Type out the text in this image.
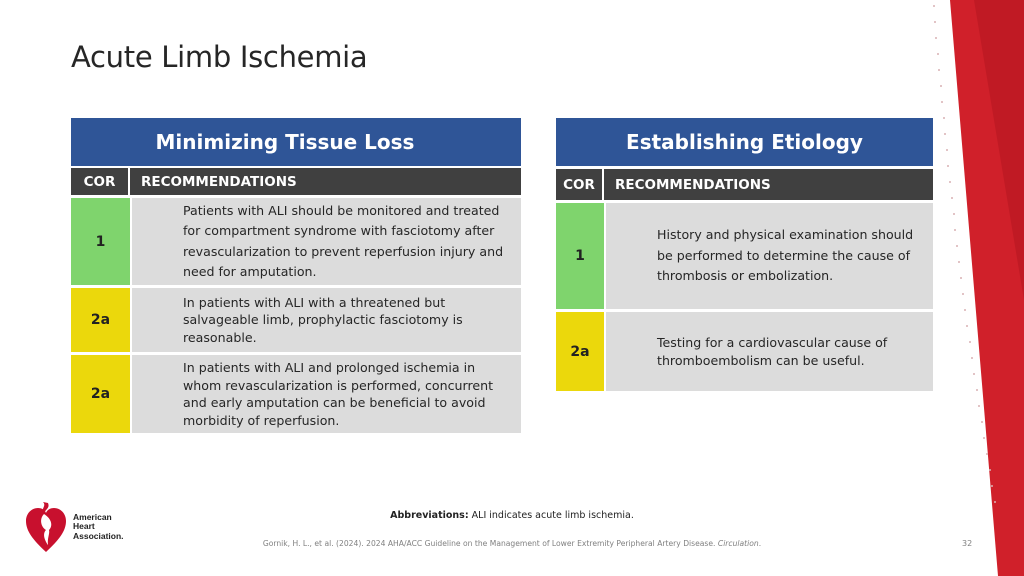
Acute Limb Ischemia
Minimizing Tissue Loss
COR	RECOMMENDATIONS
1
Patients with ALI should be monitored and treated for compartment syndrome with fasciotomy after revascularization to prevent reperfusion injury and need for amputation.
2a
In patients with ALI with a threatened but salvageable limb, prophylactic fasciotomy is reasonable.
2a
In patients with ALI and prolonged ischemia in whom revascularization is performed, concurrent and early amputation can be beneficial to avoid morbidity of reperfusion.
Establishing Etiology
COR	RECOMMENDATIONS
1
History and physical examination should be performed to determine the cause of thrombosis or embolization.
2a
Testing for a cardiovascular cause of thromboembolism can be useful.
Abbreviations: ALI indicates acute limb ischemia.
Gornik, H. L., et al. (2024). 2024 AHA/ACC Guideline on the Management of Lower Extremity Peripheral Artery Disease. Circulation.	32
American
Heart
Association.
